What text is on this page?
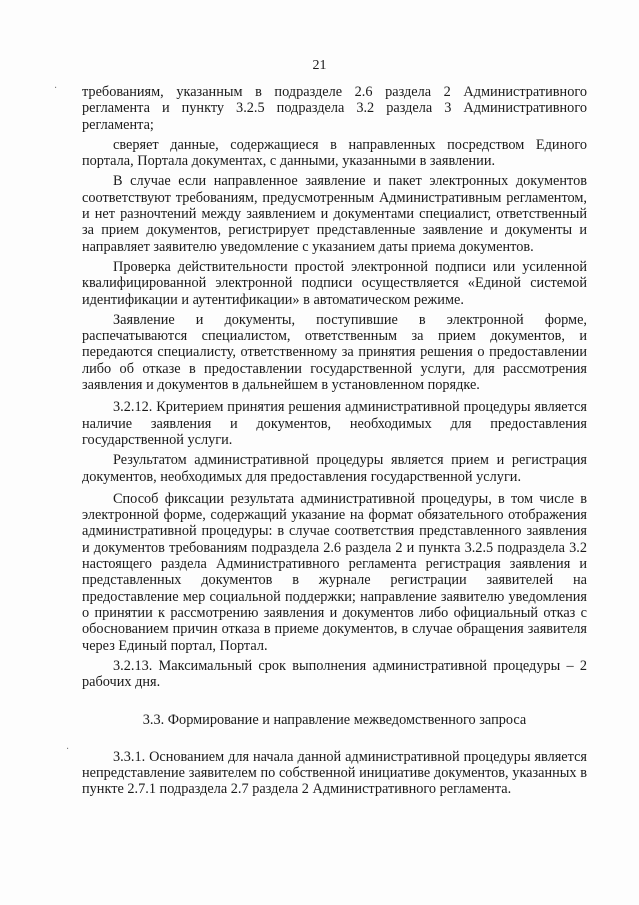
·
·
21

требованиям, указанным в подразделе 2.6 раздела 2 Административного регламента и пункту 3.2.5 подраздела 3.2 раздела 3 Административного регламента;

сверяет данные, содержащиеся в направленных посредством Единого портала, Портала документах, с данными, указанными в заявлении.

В случае если направленное заявление и пакет электронных документов соответствуют требованиям, предусмотренным Административным регламентом, и нет разночтений между заявлением и документами специалист, ответственный за прием документов, регистрирует представленные заявление и документы и направляет заявителю уведомление с указанием даты приема документов.

Проверка действительности простой электронной подписи или усиленной квалифицированной электронной подписи осуществляется «Единой системой идентификации и аутентификации» в автоматическом режиме.

Заявление и документы, поступившие в электронной форме, распечатываются специалистом, ответственным за прием документов, и передаются специалисту, ответственному за принятия решения о предоставлении либо об отказе в предоставлении государственной услуги, для рассмотрения заявления и документов в дальнейшем в установленном порядке.

3.2.12. Критерием принятия решения административной процедуры является наличие заявления и документов, необходимых для предоставления государственной услуги.

Результатом административной процедуры является прием и регистрация документов, необходимых для предоставления государственной услуги.

Способ фиксации результата административной процедуры, в том числе в электронной форме, содержащий указание на формат обязательного отображения административной процедуры: в случае соответствия представленного заявления и документов требованиям подраздела 2.6 раздела 2 и пункта 3.2.5 подраздела 3.2 настоящего раздела Административного регламента регистрация заявления и представленных документов в журнале регистрации заявителей на предоставление мер социальной поддержки; направление заявителю уведомления о принятии к рассмотрению заявления и документов либо официальный отказ с обоснованием причин отказа в приеме документов, в случае обращения заявителя через Единый портал, Портал.

3.2.13. Максимальный срок выполнения административной процедуры – 2 рабочих дня.

3.3. Формирование и направление межведомственного запроса

3.3.1. Основанием для начала данной административной процедуры является непредставление заявителем по собственной инициативе документов, указанных в пункте 2.7.1 подраздела 2.7 раздела 2 Административного регламента.
